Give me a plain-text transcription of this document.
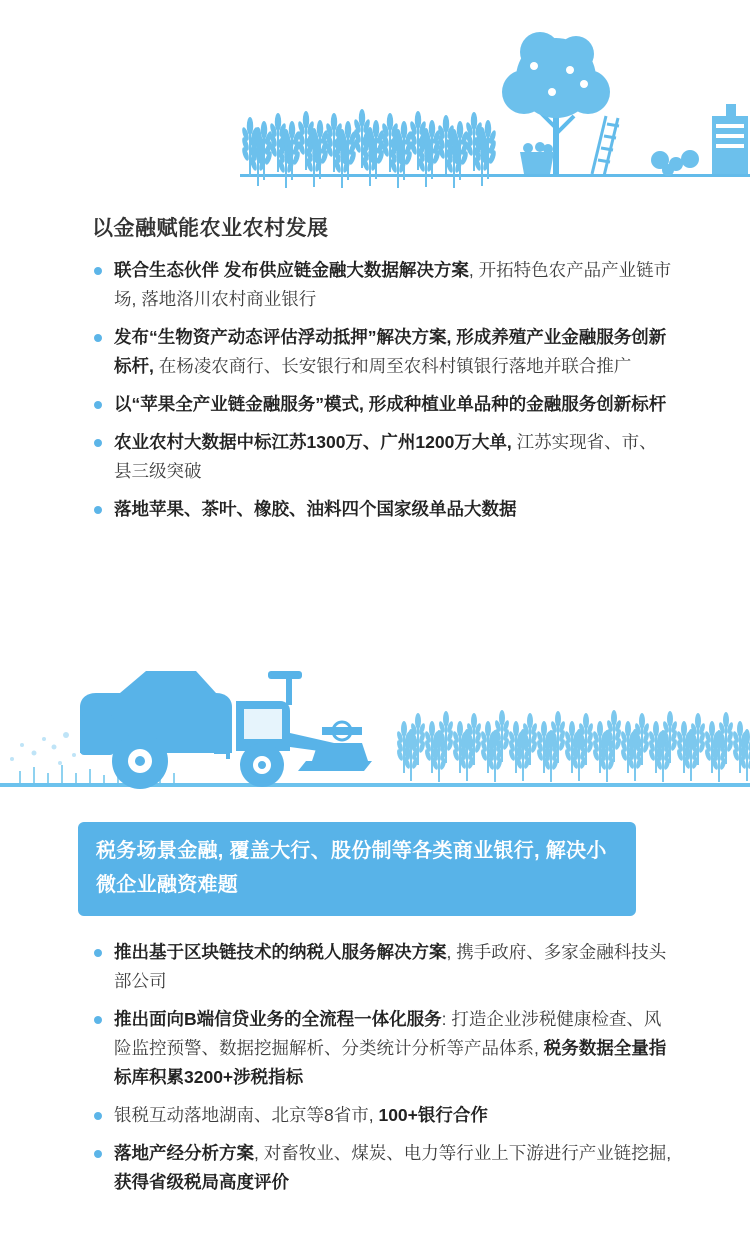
以金融赋能农业农村发展
联合生态伙伴 发布供应链金融大数据解决方案, 开拓特色农产品产业链市场, 落地洛川农村商业银行
发布“生物资产动态评估浮动抵押”解决方案, 形成养殖产业金融服务创新标杆, 在杨凌农商行、长安银行和周至农科村镇银行落地并联合推广
以“苹果全产业链金融服务”模式, 形成种植业单品种的金融服务创新标杆
农业农村大数据中标江苏1300万、广州1200万大单, 江苏实现省、市、县三级突破
落地苹果、茶叶、橡胶、油料四个国家级单品大数据
税务场景金融, 覆盖大行、股份制等各类商业银行, 解决小微企业融资难题
推出基于区块链技术的纳税人服务解决方案, 携手政府、多家金融科技头部公司
推出面向B端信贷业务的全流程一体化服务: 打造企业涉税健康检查、风险监控预警、数据挖掘解析、分类统计分析等产品体系, 税务数据全量指标库积累3200+涉税指标
银税互动落地湖南、北京等8省市, 100+银行合作
落地产经分析方案, 对畜牧业、煤炭、电力等行业上下游进行产业链挖掘, 获得省级税局高度评价
